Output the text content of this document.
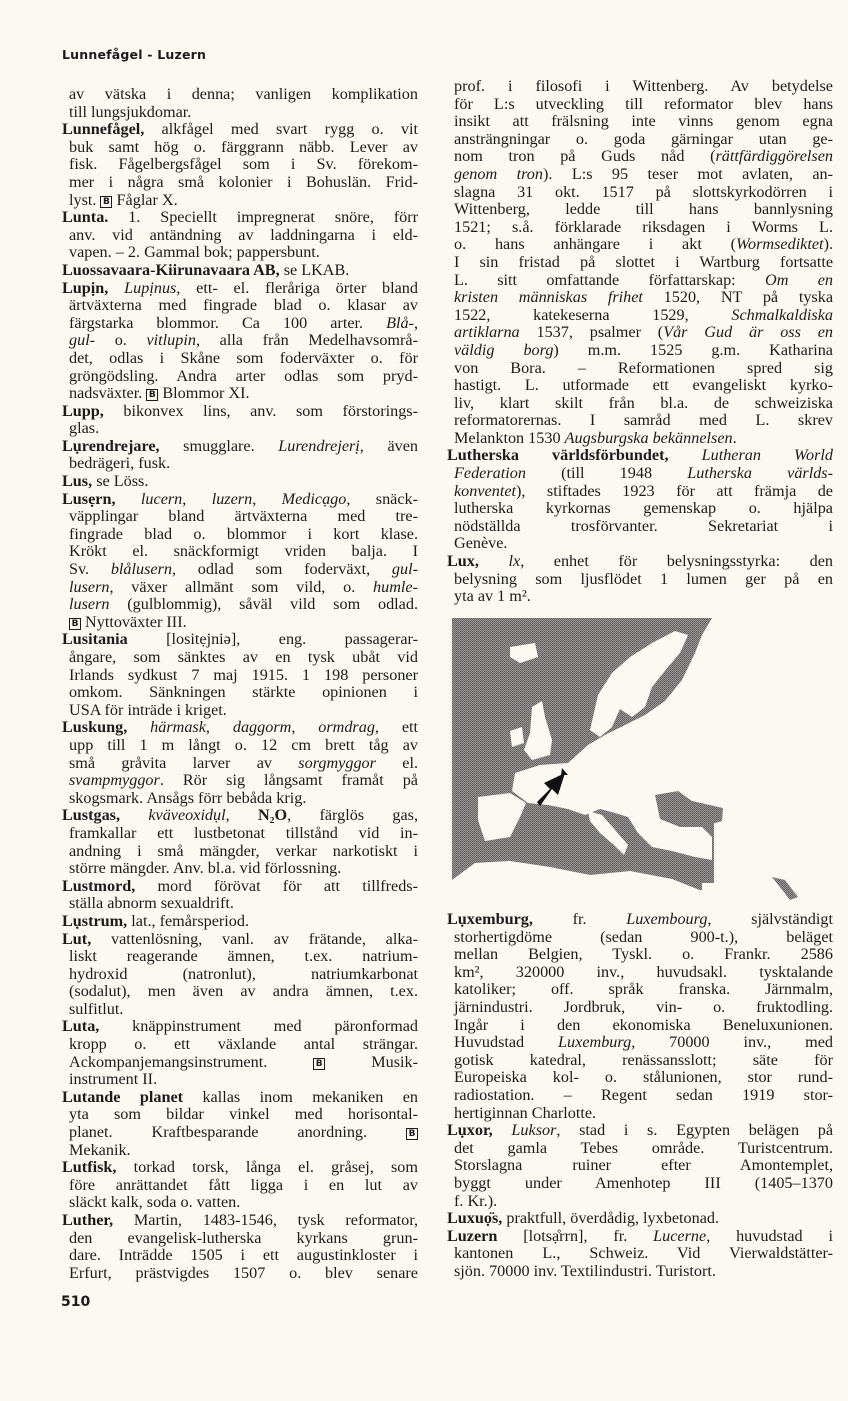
Lunnefågel - Luzern
av vätska i denna; vanligen komplikation
till lungsjukdomar.
Lunnefågel, alkfågel med svart rygg o. vit
buk samt hög o. färggrann näbb. Lever av
fisk. Fågelbergsfågel som i Sv. förekom-
mer i några små kolonier i Bohuslän. Frid-
lyst. B Fåglar X.
Lunta. 1. Speciellt impregnerat snöre, förr
anv. vid antändning av laddningarna i eld-
vapen. – 2. Gammal bok; pappersbunt.
Luossavaara-Kiirunavaara AB, se LKAB.
Lupịn, Lupịnus, ett- el. fleråriga örter bland
ärtväxterna med fingrade blad o. klasar av
färgstarka blommor. Ca 100 arter. Blå-,
gul- o. vitlupin, alla från Medelhavsområ-
det, odlas i Skåne som foderväxter o. för
gröngödsling. Andra arter odlas som pryd-
nadsväxter. B Blommor XI.
Lupp, bikonvex lins, anv. som förstorings-
glas.
Lụrendrejare, smugglare. Lurendrejerị, även
bedrägeri, fusk.
Lus, se Löss.
Lusẹrn, lucern, luzern, Medicạgo, snäck-
väpplingar bland ärtväxterna med tre-
fingrade blad o. blommor i kort klase.
Krökt el. snäckformigt vriden balja. I
Sv. blålusern, odlad som foderväxt, gul-
lusern, växer allmänt som vild, o. humle-
lusern (gulblommig), såväl vild som odlad.
B Nyttoväxter III.
Lusitania [lositẹjniə], eng. passagerar-
ångare, som sänktes av en tysk ubåt vid
Irlands sydkust 7 maj 1915. 1 198 personer
omkom. Sänkningen stärkte opinionen i
USA för inträde i kriget.
Luskung, härmask, daggorm, ormdrag, ett
upp till 1 m långt o. 12 cm brett tåg av
små gråvita larver av sorgmyggor el.
svampmyggor. Rör sig långsamt framåt på
skogsmark. Ansågs förr bebåda krig.
Lustgas, kväveoxidụl, N₂O, färglös gas,
framkallar ett lustbetonat tillstånd vid in-
andning i små mängder, verkar narkotiskt i
större mängder. Anv. bl.a. vid förlossning.
Lustmord, mord förövat för att tillfreds-
ställa abnorm sexualdrift.
Lụstrum, lat., femårsperiod.
Lut, vattenlösning, vanl. av frätande, alka-
liskt reagerande ämnen, t.ex. natrium-
hydroxid (natronlut), natriumkarbonat
(sodalut), men även av andra ämnen, t.ex.
sulfitlut.
Luta, knäppinstrument med päronformad
kropp o. ett växlande antal strängar.
Ackompanjemangsinstrument. B Musik-
instrument II.
Lutande planet kallas inom mekaniken en
yta som bildar vinkel med horisontal-
planet. Kraftbesparande anordning. B
Mekanik.
Lutfisk, torkad torsk, långa el. gråsej, som
före anrättandet fått ligga i en lut av
släckt kalk, soda o. vatten.
Luther, Martin, 1483-1546, tysk reformator,
den evangelisk-lutherska kyrkans grun-
dare. Inträdde 1505 i ett augustinkloster i
Erfurt, prästvigdes 1507 o. blev senare
prof. i filosofi i Wittenberg. Av betydelse
för L:s utveckling till reformator blev hans
insikt att frälsning inte vinns genom egna
ansträngningar o. goda gärningar utan ge-
nom tron på Guds nåd (rättfärdiggörelsen
genom tron). L:s 95 teser mot avlaten, an-
slagna 31 okt. 1517 på slottskyrkodörren i
Wittenberg, ledde till hans bannlysning
1521; s.å. förklarade riksdagen i Worms L.
o. hans anhängare i akt (Wormsediktet).
I sin fristad på slottet i Wartburg fortsatte
L. sitt omfattande författarskap: Om en
kristen människas frihet 1520, NT på tyska
1522, katekeserna 1529, Schmalkaldiska
artiklarna 1537, psalmer (Vår Gud är oss en
väldig borg) m.m. 1525 g.m. Katharina
von Bora. – Reformationen spred sig
hastigt. L. utformade ett evangeliskt kyrko-
liv, klart skilt från bl.a. de schweiziska
reformatorernas. I samråd med L. skrev
Melankton 1530 Augsburgska bekännelsen.
Lutherska världsförbundet, Lutheran World
Federation (till 1948 Lutherska världs-
konventet), stiftades 1923 för att främja de
lutherska kyrkornas gemenskap o. hjälpa
nödställda trosförvanter. Sekretariat i
Genève.
Lux, lx, enhet för belysningsstyrka: den
belysning som ljusflödet 1 lumen ger på en
yta av 1 m².
Lụxemburg, fr. Luxembourg, självständigt
storhertigdöme (sedan 900-t.), beläget
mellan Belgien, Tyskl. o. Frankr. 2586
km², 320000 inv., huvudsakl. tysktalande
katoliker; off. språk franska. Järnmalm,
järnindustri. Jordbruk, vin- o. fruktodling.
Ingår i den ekonomiska Beneluxunionen.
Huvudstad Luxemburg, 70000 inv., med
gotisk katedral, renässansslott; säte för
Europeiska kol- o. stålunionen, stor rund-
radiostation. – Regent sedan 1919 stor-
hertiginnan Charlotte.
Lụxor, Luksor, stad i s. Egypten belägen på
det gamla Tebes område. Turistcentrum.
Storslagna ruiner efter Amontemplet,
byggt under Amenhotep III (1405–1370
f. Kr.).
Luxuọ̈s, praktfull, överdådig, lyxbetonad.
Luzern [lotsạ̊rrn], fr. Lucerne, huvudstad i
kantonen L., Schweiz. Vid Vierwaldstätter-
sjön. 70000 inv. Textilindustri. Turistort.
510
